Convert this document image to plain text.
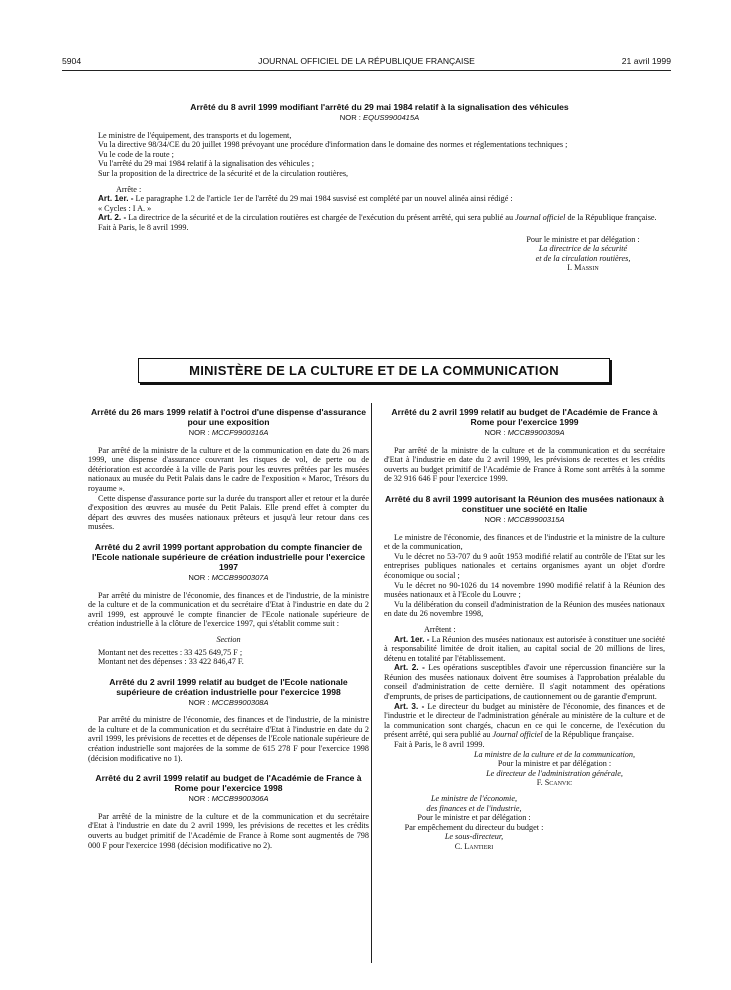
5904	JOURNAL OFFICIEL DE LA RÉPUBLIQUE FRANÇAISE	21 avril 1999

Arrêté du 8 avril 1999 modifiant l'arrêté du 29 mai 1984 relatif à la signalisation des véhicules

NOR : EQUS9900415A

Le ministre de l'équipement, des transports et du logement,

Vu la directive 98/34/CE du 20 juillet 1998 prévoyant une procédure d'information dans le domaine des normes et réglementations techniques ;

Vu le code de la route ;

Vu l'arrêté du 29 mai 1984 relatif à la signalisation des véhicules ;

Sur la proposition de la directrice de la sécurité et de la circulation routières,

Arrête :

Art. 1er. - Le paragraphe 1.2 de l'article 1er de l'arrêté du 29 mai 1984 susvisé est complété par un nouvel alinéa ainsi rédigé :

« Cycles : I A. »

Art. 2. - La directrice de la sécurité et de la circulation routières est chargée de l'exécution du présent arrêté, qui sera publié au Journal officiel de la République française.

Fait à Paris, le 8 avril 1999.

Pour le ministre et par délégation :

La directrice de la sécurité

et de la circulation routières,

I. Massin

MINISTÈRE DE LA CULTURE ET DE LA COMMUNICATION

Arrêté du 26 mars 1999 relatif à l'octroi d'une dispense d'assurance pour une exposition

NOR : MCCF9900316A

Par arrêté de la ministre de la culture et de la communication en date du 26 mars 1999, une dispense d'assurance couvrant les risques de vol, de perte ou de détérioration est accordée à la ville de Paris pour les œuvres prêtées par les musées nationaux au musée du Petit Palais dans le cadre de l'exposition « Maroc, Trésors du royaume ».

Cette dispense d'assurance porte sur la durée du transport aller et retour et la durée d'exposition des œuvres au musée du Petit Palais. Elle prend effet à compter du départ des œuvres des musées nationaux prêteurs et jusqu'à leur retour dans ces musées.

Arrêté du 2 avril 1999 portant approbation du compte financier de l'Ecole nationale supérieure de création industrielle pour l'exercice 1997

NOR : MCCB9900307A

Par arrêté du ministre de l'économie, des finances et de l'industrie, de la ministre de la culture et de la communication et du secrétaire d'Etat à l'industrie en date du 2 avril 1999, est approuvé le compte financier de l'Ecole nationale supérieure de création industrielle à la clôture de l'exercice 1997, qui s'établit comme suit :

Section

Montant net des recettes : 33 425 649,75 F ;

Montant net des dépenses : 33 422 846,47 F.

Arrêté du 2 avril 1999 relatif au budget de l'Ecole nationale supérieure de création industrielle pour l'exercice 1998

NOR : MCCB9900308A

Par arrêté du ministre de l'économie, des finances et de l'industrie, de la ministre de la culture et de la communication et du secrétaire d'Etat à l'industrie en date du 2 avril 1999, les prévisions de recettes et de dépenses de l'Ecole nationale supérieure de création industrielle sont majorées de la somme de 615 278 F pour l'exercice 1998 (décision modificative no 1).

Arrêté du 2 avril 1999 relatif au budget de l'Académie de France à Rome pour l'exercice 1998

NOR : MCCB9900306A

Par arrêté de la ministre de la culture et de la communication et du secrétaire d'Etat à l'industrie en date du 2 avril 1999, les prévisions de recettes et les crédits ouverts au budget primitif de l'Académie de France à Rome sont augmentés de 798 000 F pour l'exercice 1998 (décision modificative no 2).

Arrêté du 2 avril 1999 relatif au budget de l'Académie de France à Rome pour l'exercice 1999

NOR : MCCB9900309A

Par arrêté de la ministre de la culture et de la communication et du secrétaire d'Etat à l'industrie en date du 2 avril 1999, les prévisions de recettes et les crédits ouverts au budget primitif de l'Académie de France à Rome sont arrêtés à la somme de 32 916 646 F pour l'exercice 1999.

Arrêté du 8 avril 1999 autorisant la Réunion des musées nationaux à constituer une société en Italie

NOR : MCCB9900315A

Le ministre de l'économie, des finances et de l'industrie et la ministre de la culture et de la communication,

Vu le décret no 53-707 du 9 août 1953 modifié relatif au contrôle de l'Etat sur les entreprises publiques nationales et certains organismes ayant un objet d'ordre économique ou social ;

Vu le décret no 90-1026 du 14 novembre 1990 modifié relatif à la Réunion des musées nationaux et à l'Ecole du Louvre ;

Vu la délibération du conseil d'administration de la Réunion des musées nationaux en date du 26 novembre 1998,

Arrêtent :

Art. 1er. - La Réunion des musées nationaux est autorisée à constituer une société à responsabilité limitée de droit italien, au capital social de 20 millions de lires, détenu en totalité par l'établissement.

Art. 2. - Les opérations susceptibles d'avoir une répercussion financière sur la Réunion des musées nationaux doivent être soumises à l'approbation préalable du conseil d'administration de cette dernière. Il s'agit notamment des opérations d'emprunts, de prises de participations, de cautionnement ou de garantie d'emprunt.

Art. 3. - Le directeur du budget au ministère de l'économie, des finances et de l'industrie et le directeur de l'administration générale au ministère de la culture et de la communication sont chargés, chacun en ce qui le concerne, de l'exécution du présent arrêté, qui sera publié au Journal officiel de la République française.

Fait à Paris, le 8 avril 1999.

La ministre de la culture et de la communication,

Pour la ministre et par délégation :

Le directeur de l'administration générale,

F. Scanvic

Le ministre de l'économie,

des finances et de l'industrie,

Pour le ministre et par délégation :

Par empêchement du directeur du budget :

Le sous-directeur,

C. Lantieri
